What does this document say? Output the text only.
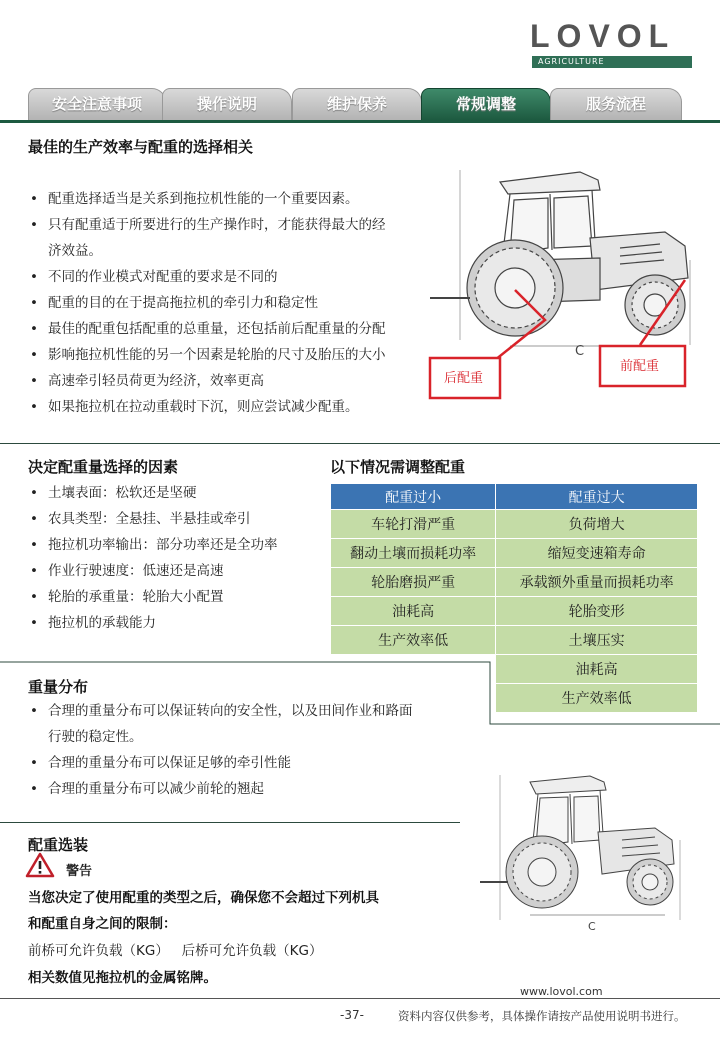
LOVOL
AGRICULTURE
安全注意事项	操作说明	维护保养	常规调整	服务流程
最佳的生产效率与配重的选择相关
• 配重选择适当是关系到拖拉机性能的一个重要因素。
• 只有配重适于所要进行的生产操作时，才能获得最大的经
济效益。
• 不同的作业模式对配重的要求是不同的
• 配重的目的在于提高拖拉机的牵引力和稳定性
• 最佳的配重包括配重的总重量，还包括前后配重量的分配
• 影响拖拉机性能的另一个因素是轮胎的尺寸及胎压的大小
• 高速牵引轻员荷更为经济，效率更高
• 如果拖拉机在拉动重载时下沉，则应尝试减少配重。
C
后配重
前配重
决定配重量选择的因素
• 土壤表面：松软还是坚硬
• 农具类型：全悬挂、半悬挂或牵引
• 拖拉机功率输出：部分功率还是全功率
• 作业行驶速度：低速还是高速
• 轮胎的承重量：轮胎大小配置
• 拖拉机的承载能力
以下情况需调整配重
配重过小	配重过大
车轮打滑严重	负荷增大
翻动土壤而损耗功率	缩短变速箱寿命
轮胎磨损严重	承载额外重量而损耗功率
油耗高	轮胎变形
生产效率低	土壤压实
	油耗高
	生产效率低
重量分布
• 合理的重量分布可以保证转向的安全性，以及田间作业和路面
行驶的稳定性。
• 合理的重量分布可以保证足够的牵引性能
• 合理的重量分布可以减少前轮的翘起
C
配重选装
警告
当您决定了使用配重的类型之后，确保您不会超过下列机具
和配重自身之间的限制：
前桥可允许负载（KG）   后桥可允许负载（KG）
相关数值见拖拉机的金属铭牌。
www.lovol.com
-37-	资料内容仅供参考，具体操作请按产品使用说明书进行。
